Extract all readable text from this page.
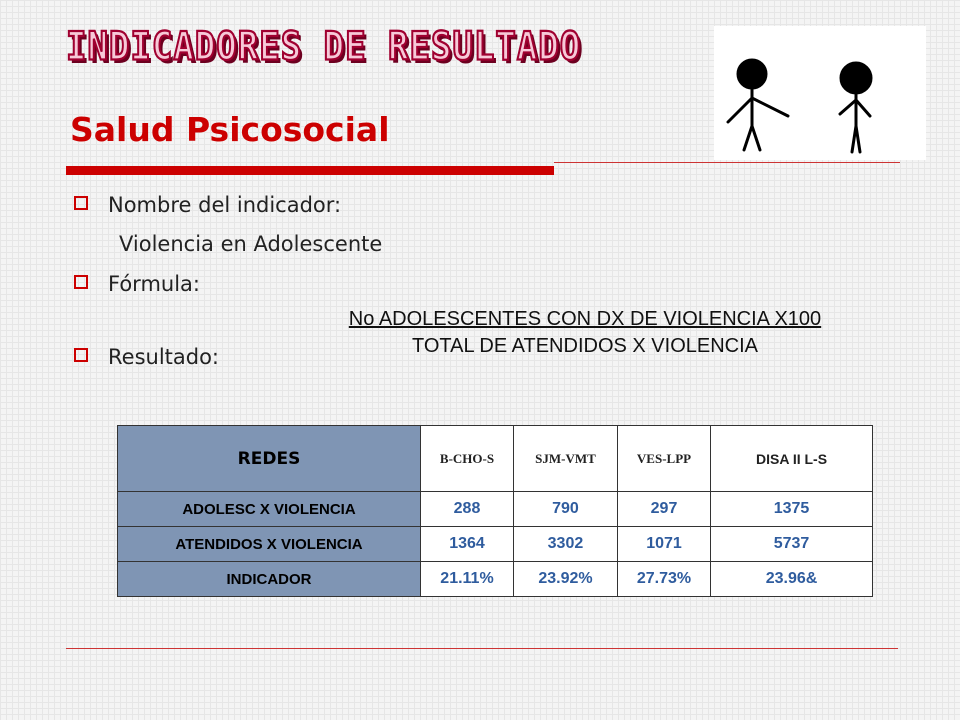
INDICADORES DE RESULTADO
Salud Psicosocial
Nombre del indicador:
Violencia en Adolescente
Fórmula:
Resultado:
No ADOLESCENTES CON DX DE VIOLENCIA X100
TOTAL DE ATENDIDOS X VIOLENCIA
REDES	B-CHO-S	SJM-VMT	VES-LPP	DISA II L-S
ADOLESC X VIOLENCIA	288	790	297	1375
ATENDIDOS X VIOLENCIA	1364	3302	1071	5737
INDICADOR	21.11%	23.92%	27.73%	23.96&
